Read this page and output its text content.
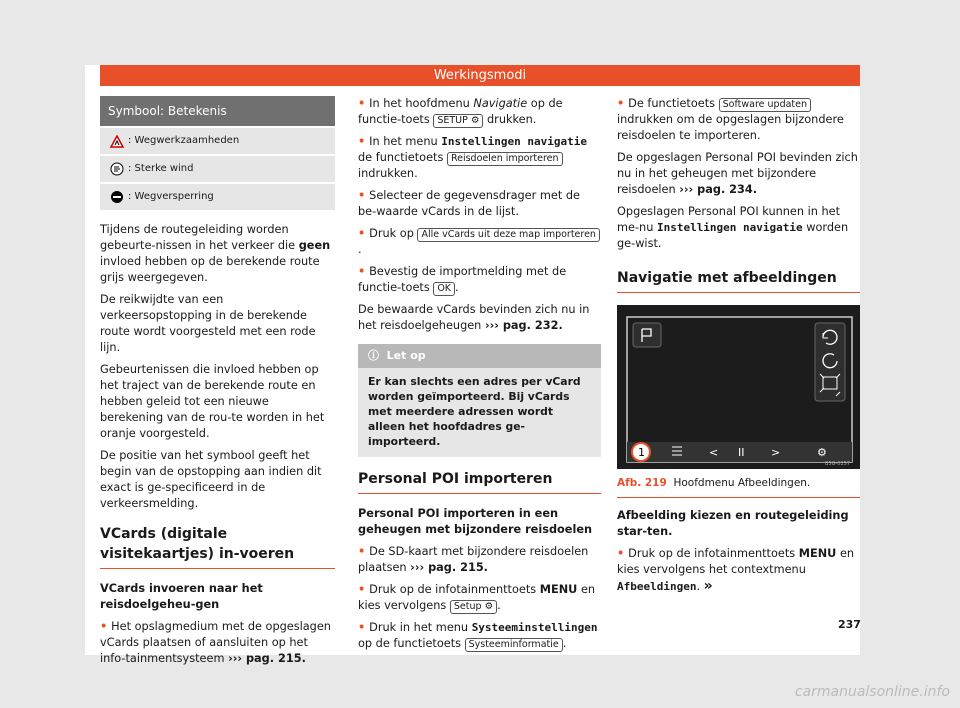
Werkingsmodi
Symbool: Betekenis
: Wegwerkzaamheden
: Sterke wind
: Wegversperring

Tijdens de routegeleiding worden gebeurte-nissen in het verkeer die geen invloed hebben op de berekende route grijs weergegeven.

De reikwijdte van een verkeersopstopping in de berekende route wordt voorgesteld met een rode lijn.

Gebeurtenissen die invloed hebben op het traject van de berekende route en hebben geleid tot een nieuwe berekening van de rou-te worden in het oranje voorgesteld.

De positie van het symbool geeft het begin van de opstopping aan indien dit exact is ge-specificeerd in de verkeersmelding.

VCards (digitale visitekaartjes) in-voeren

VCards invoeren naar het reisdoelgeheu-gen

• Het opslagmedium met de opgeslagen vCards plaatsen of aansluiten op het info-tainmentsysteem ››› pag. 215.

• In het hoofdmenu Navigatie op de functie-toets SETUP ⚙ drukken.

• In het menu Instellingen navigatie de functietoets Reisdoelen importeren indrukken.

• Selecteer de gegevensdrager met de be-waarde vCards in de lijst.

• Druk op Alle vCards uit deze map importeren.

• Bevestig de importmelding met de functie-toets OK .

De bewaarde vCards bevinden zich nu in het reisdoelgeheugen ››› pag. 232.

ⓘ Let op
Er kan slechts een adres per vCard worden geïmporteerd. Bij vCards met meerdere adressen wordt alleen het hoofdadres ge-importeerd.
Personal POI importeren

Personal POI importeren in een geheugen met bijzondere reisdoelen

• De SD-kaart met bijzondere reisdoelen plaatsen ››› pag. 215.

• Druk op de infotainmenttoets MENU en kies vervolgens Setup ⚙ .

• Druk in het menu Systeeminstellingen op de functietoets Systeeminformatie .

• De functietoets Software updaten indrukken om de opgeslagen bijzondere reisdoelen te importeren.

De opgeslagen Personal POI bevinden zich nu in het geheugen met bijzondere reisdoelen ››› pag. 234.

Opgeslagen Personal POI kunnen in het me-nu Instellingen navigatie worden ge-wist.

Navigatie met afbeeldingen
1	< II >	⚙
B5G-0257
Afb. 219 Hoofdmenu Afbeeldingen.

Afbeelding kiezen en routegeleiding star-ten.

• Druk op de infotainmenttoets MENU en kies vervolgens het contextmenu Afbeeldingen. »

237
carmanualsonline.info
